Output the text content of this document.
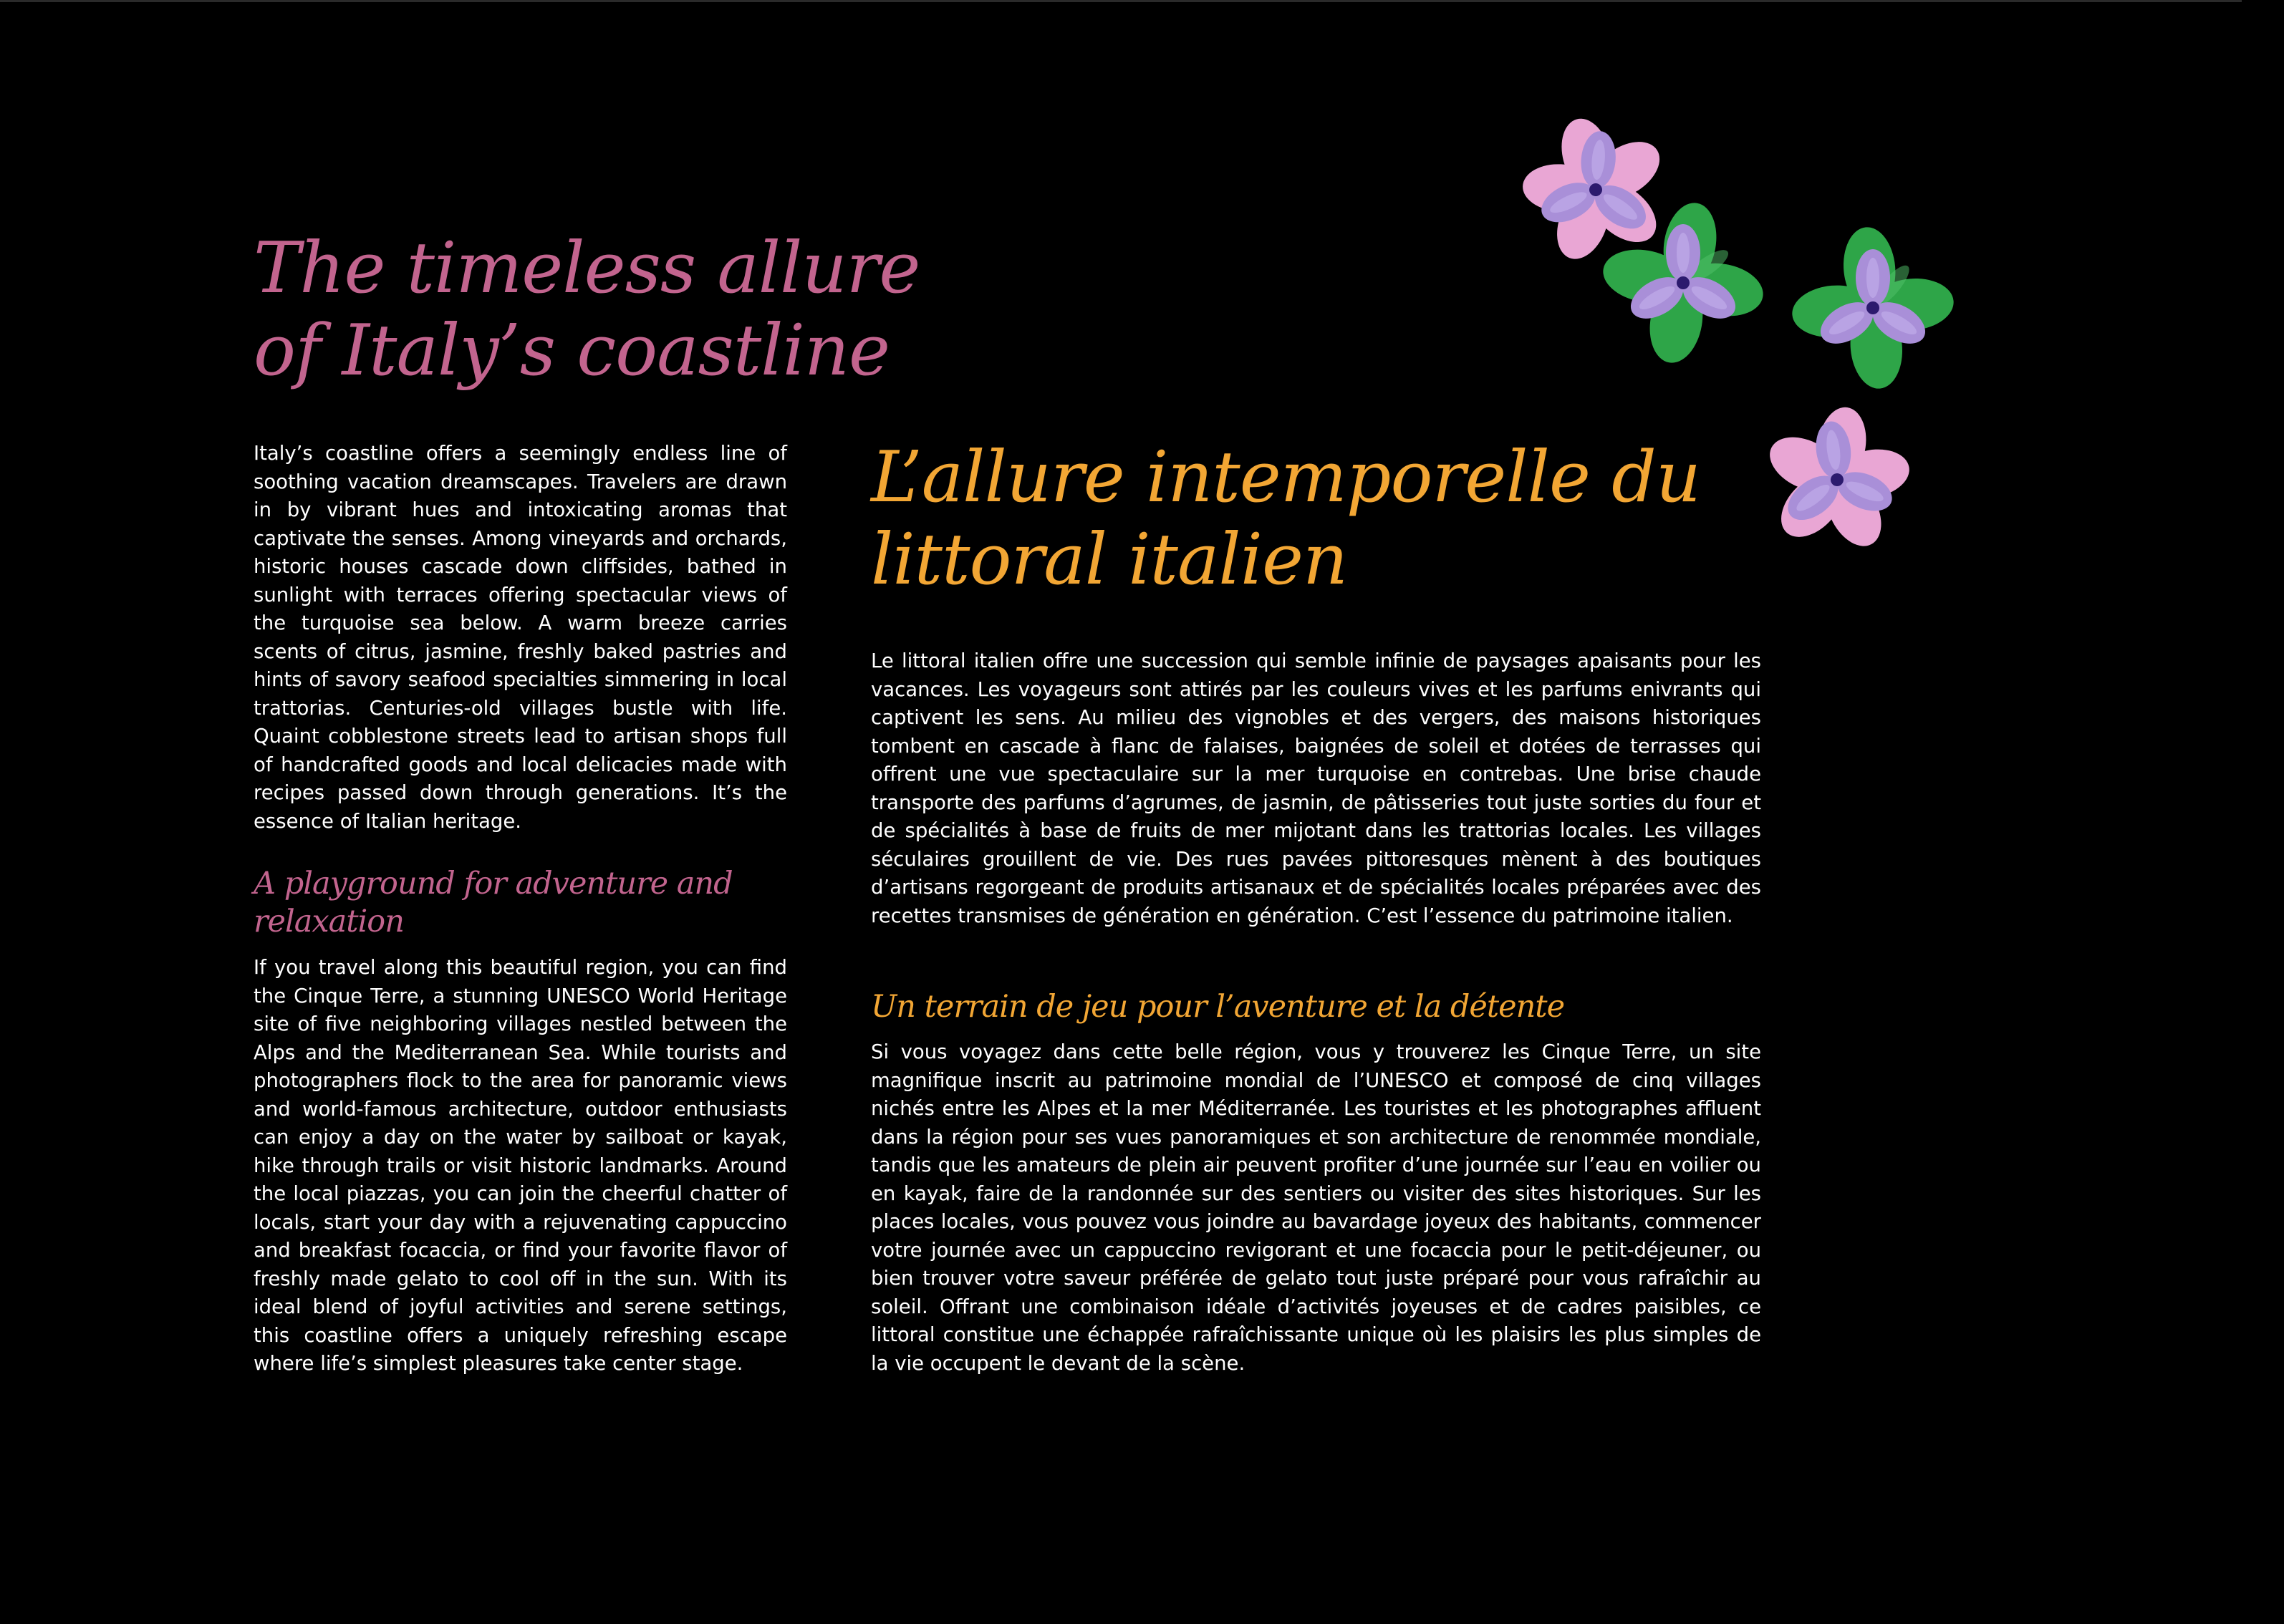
The timeless allure of Italy’s coastline

Italy’s coastline offers a seemingly endless line of soothing vacation dreamscapes. Travelers are drawn in by vibrant hues and intoxicating aromas that captivate the senses. Among vineyards and orchards, historic houses cascade down cliffsides, bathed in sunlight with terraces offering spectacular views of the turquoise sea below. A warm breeze carries scents of citrus, jasmine, freshly baked pastries and hints of savory seafood specialties simmering in local trattorias. Centuries-old villages bustle with life. Quaint cobblestone streets lead to artisan shops full of handcrafted goods and local delicacies made with recipes passed down through generations. It’s the essence of Italian heritage.

A playground for adventure and relaxation

If you travel along this beautiful region, you can find the Cinque Terre, a stunning UNESCO World Heritage site of five neighboring villages nestled between the Alps and the Mediterranean Sea. While tourists and photographers flock to the area for panoramic views and world-famous architecture, outdoor enthusiasts can enjoy a day on the water by sailboat or kayak, hike through trails or visit historic landmarks. Around the local piazzas, you can join the cheerful chatter of locals, start your day with a rejuvenating cappuccino and breakfast focaccia, or find your favorite flavor of freshly made gelato to cool off in the sun. With its ideal blend of joyful activities and serene settings, this coastline offers a uniquely refreshing escape where life’s simplest pleasures take center stage.

L’allure intemporelle du littoral italien

Le littoral italien offre une succession qui semble infinie de paysages apaisants pour les vacances. Les voyageurs sont attirés par les couleurs vives et les parfums enivrants qui captivent les sens. Au milieu des vignobles et des vergers, des maisons historiques tombent en cascade à flanc de falaises, baignées de soleil et dotées de terrasses qui offrent une vue spectaculaire sur la mer turquoise en contrebas. Une brise chaude transporte des parfums d’agrumes, de jasmin, de pâtisseries tout juste sorties du four et de spécialités à base de fruits de mer mijotant dans les trattorias locales. Les villages séculaires grouillent de vie. Des rues pavées pittoresques mènent à des boutiques d’artisans regorgeant de produits artisanaux et de spécialités locales préparées avec des recettes transmises de génération en génération. C’est l’essence du patrimoine italien.

Un terrain de jeu pour l’aventure et la détente

Si vous voyagez dans cette belle région, vous y trouverez les Cinque Terre, un site magnifique inscrit au patrimoine mondial de l’UNESCO et composé de cinq villages nichés entre les Alpes et la mer Méditerranée. Les touristes et les photographes affluent dans la région pour ses vues panoramiques et son architecture de renommée mondiale, tandis que les amateurs de plein air peuvent profiter d’une journée sur l’eau en voilier ou en kayak, faire de la randonnée sur des sentiers ou visiter des sites historiques. Sur les places locales, vous pouvez vous joindre au bavardage joyeux des habitants, commencer votre journée avec un cappuccino revigorant et une focaccia pour le petit-déjeuner, ou bien trouver votre saveur préférée de gelato tout juste préparé pour vous rafraîchir au soleil. Offrant une combinaison idéale d’activités joyeuses et de cadres paisibles, ce littoral constitue une échappée rafraîchissante unique où les plaisirs les plus simples de la vie occupent le devant de la scène.
